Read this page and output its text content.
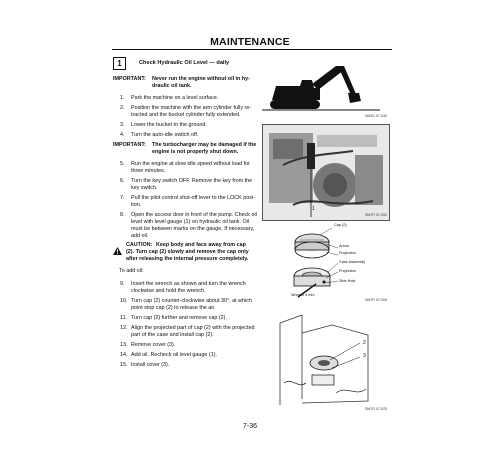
MAINTENANCE
1	Check Hydraulic Oil Level — daily
IMPORTANT: Never run the engine without oil in hy-
draulic oil tank.
1. Park the machine on a level surface.
2. Position the machine with the arm cylinder fully re-
tracted and the bucket cylinder fully extended.
3. Lower the bucket to the ground.
4. Turn the auto-idle switch off.
IMPORTANT: The turbocharger may be damaged if the
engine is not properly shut down.
5. Run the engine at slow idle speed without load for
three minutes.
6. Turn the key switch OFF. Remove the key from the
key switch.
7. Pull the pilot control shut-off lever to the LOCK posi-
tion.
8. Open the access door in front of the pump. Check oil
level with level gauge (1) on hydraulic oil tank. Oil
must be between marks on the gauge. If necessary,
add oil.
CAUTION: Keep body and face away from cap
(2). Turn cap (2) slowly and remove the cap only
after releasing the internal pressure completely.
To add oil:
9. Insert the wrench as shown and turn the wrench
clockwise and hold the wrench.
10. Turn cap (2) counter-clockwise about 30°, at which
point stop cap (2) to release the air.
11. Turn cap (2) further and remove cap (2).
12. Align the projected part of cap (2) with the projected
part of the case and install cap (2).
13. Remove cover (3).
14. Add oil. Recheck oil level gauge (1).
15. Install cover (3).
SM1K-07-040
1
SM7P-07-002
Cap (2)
Arrow
Projection
Case Assembly
Projection
Side Hole
Wrench 4 mm
SM7P-07-005
2
3
SM7P-07-023
7-36
